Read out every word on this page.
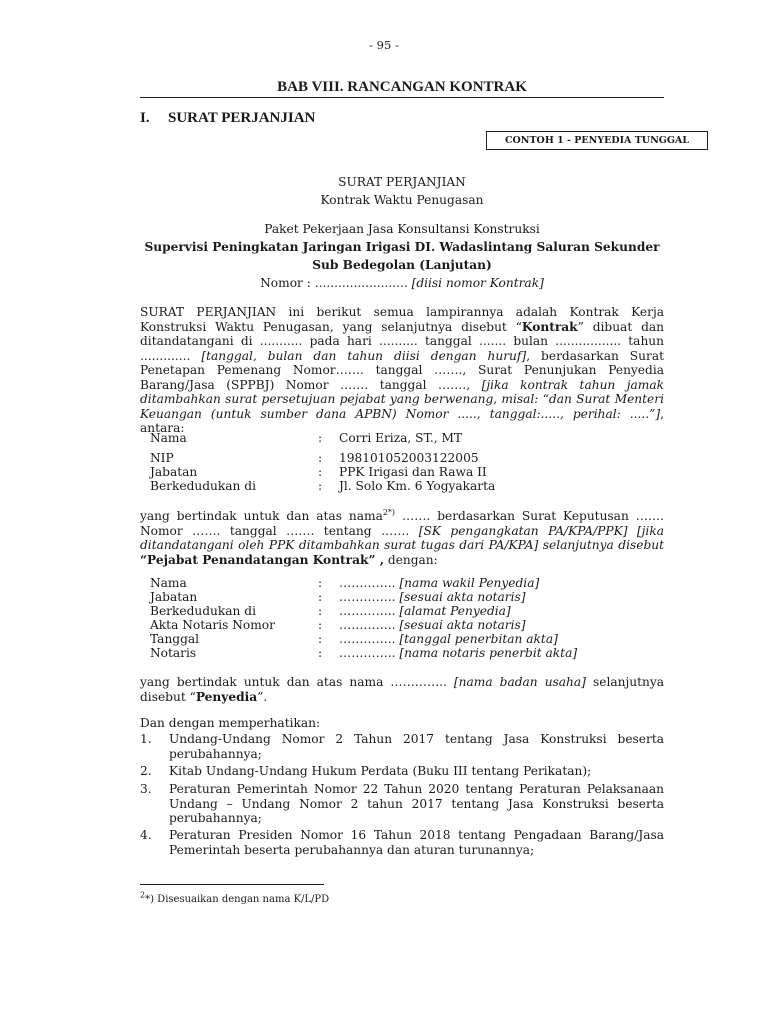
- 95 -
BAB VIII. RANCANGAN KONTRAK
I. SURAT PERJANJIAN
CONTOH 1 - PENYEDIA TUNGGAL
SURAT PERJANJIAN
Kontrak Waktu Penugasan
Paket Pekerjaan Jasa Konsultansi Konstruksi
Supervisi Peningkatan Jaringan Irigasi DI. Wadaslintang Saluran Sekunder
Sub Bedegolan (Lanjutan)
Nomor : ........................ [diisi nomor Kontrak]
SURAT PERJANJIAN ini berikut semua lampirannya adalah Kontrak Kerja Konstruksi Waktu Penugasan, yang selanjutnya disebut “Kontrak” dibuat dan ditandatangani di ........... pada hari .......... tanggal ....... bulan ................. tahun ............. [tanggal, bulan dan tahun diisi dengan huruf], berdasarkan Surat Penetapan Pemenang Nomor……. tanggal ……., Surat Penunjukan Penyedia Barang/Jasa (SPPBJ) Nomor ……. tanggal ……., [jika kontrak tahun jamak ditambahkan surat persetujuan pejabat yang berwenang, misal: “dan Surat Menteri Keuangan (untuk sumber dana APBN) Nomor ....., tanggal:....., perihal: .....”], antara:
Nama	: Corri Eriza, ST., MT
NIP	: 198101052003122005
Jabatan	: PPK Irigasi dan Rawa II
Berkedudukan di	: Jl. Solo Km. 6 Yogyakarta
yang bertindak untuk dan atas nama$^{2*)}$ ……. berdasarkan Surat Keputusan ……. Nomor ……. tanggal ……. tentang ……. [SK pengangkatan PA/KPA/PPK] [jika ditandatangani oleh PPK ditambahkan surat tugas dari PA/KPA] selanjutnya disebut “Pejabat Penandatangan Kontrak” , dengan:
Nama	: ………….. [nama wakil Penyedia]
Jabatan	: ………….. [sesuai akta notaris]
Berkedudukan di	: ………….. [alamat Penyedia]
Akta Notaris Nomor	: ………….. [sesuai akta notaris]
Tanggal	: ………….. [tanggal penerbitan akta]
Notaris	: ………….. [nama notaris penerbit akta]
yang bertindak untuk dan atas nama ………….. [nama badan usaha] selanjutnya disebut “Penyedia”.
Dan dengan memperhatikan:
1. Undang-Undang Nomor 2 Tahun 2017 tentang Jasa Konstruksi beserta perubahannya;
2. Kitab Undang-Undang Hukum Perdata (Buku III tentang Perikatan);
3. Peraturan Pemerintah Nomor 22 Tahun 2020 tentang Peraturan Pelaksanaan Undang – Undang Nomor 2 tahun 2017 tentang Jasa Konstruksi beserta perubahannya;
4. Peraturan Presiden Nomor 16 Tahun 2018 tentang Pengadaan Barang/Jasa Pemerintah beserta perubahannya dan aturan turunannya;
$^2$*) Disesuaikan dengan nama K/L/PD
